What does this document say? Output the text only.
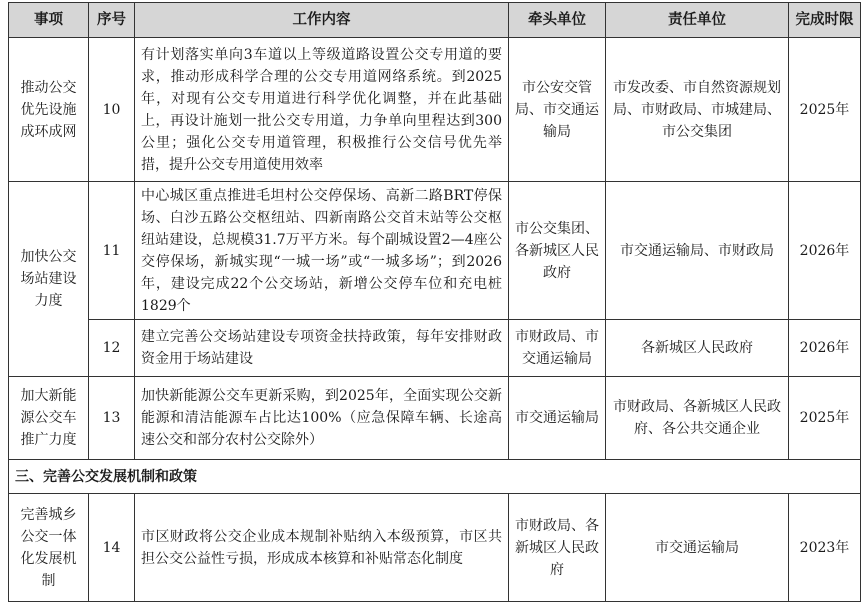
事项	序号	工作内容	牵头单位	责任单位	完成时限
推动公交优先设施成环成网	10	有计划落实单向3车道以上等级道路设置公交专用道的要求，推动形成科学合理的公交专用道网络系统。到2025年，对现有公交专用道进行科学优化调整，并在此基础上，再设计施划一批公交专用道，力争单向里程达到300公里；强化公交专用道管理，积极推行公交信号优先举措，提升公交专用道使用效率	市公安交管局、市交通运输局	市发改委、市自然资源规划局、市财政局、市城建局、市公交集团	2025年
加快公交场站建设力度	11	中心城区重点推进毛坦村公交停保场、高新二路BRT停保场、白沙五路公交枢纽站、四新南路公交首末站等公交枢纽站建设，总规模31.7万平方米。每个副城设置2—4座公交停保场，新城实现“一城一场”或“一城多场”；到2026年，建设完成22个公交场站，新增公交停车位和充电桩1829个	市公交集团、各新城区人民政府	市交通运输局、市财政局	2026年
	12	建立完善公交场站建设专项资金扶持政策，每年安排财政资金用于场站建设	市财政局、市交通运输局	各新城区人民政府	2026年
加大新能源公交车推广力度	13	加快新能源公交车更新采购，到2025年，全面实现公交新能源和清洁能源车占比达100%（应急保障车辆、长途高速公交和部分农村公交除外）	市交通运输局	市财政局、各新城区人民政府、各公共交通企业	2025年
三、完善公交发展机制和政策					
完善城乡公交一体化发展机制	14	市区财政将公交企业成本规制补贴纳入本级预算，市区共担公交公益性亏损，形成成本核算和补贴常态化制度	市财政局、各新城区人民政府	市交通运输局	2023年
